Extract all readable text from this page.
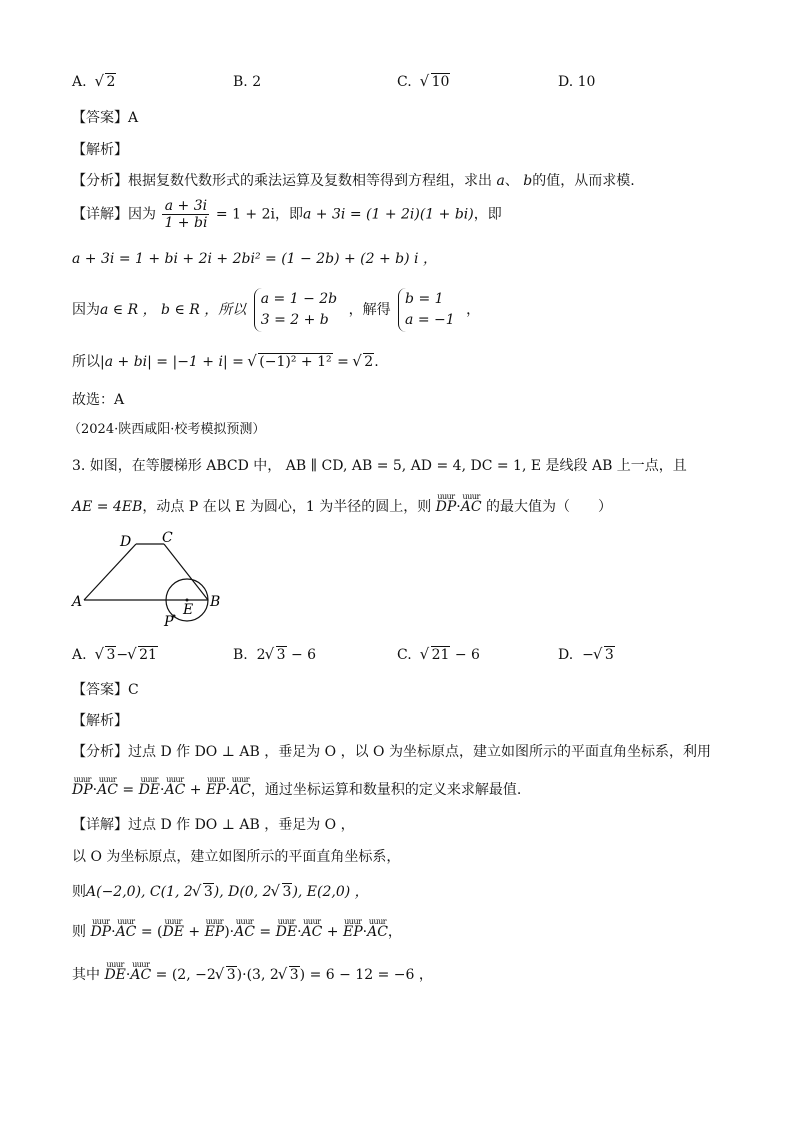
A. √ 2	B. 2	C. √ 10	D. 10
【答案】A
【解析】
【分析】根据复数代数形式的乘法运算及复数相等得到方程组，求出 a、 b的值，从而求模.
【详解】因为 $\frac{a + 3i}{1 + bi} = 1 + 2i$，即a + 3i = (1 + 2i)(1 + bi)，即
a + 3i = 1 + bi + 2i + 2bi² = (1 − 2b) + (2 + b) i ，
因为a ∈ R ， b ∈ R ，所以
a = 1 − 2b
3 = 2 + b
，解得
b = 1
a = −1
，
所以|a + bi| = |−1 + i| = √ (−1)² + 1² = √ 2.
故选：A
（2024·陕西咸阳·校考模拟预测）
3. 如图，在等腰梯形 ABCD 中， AB ∥ CD, AB = 5, AD = 4, DC = 1, E 是线段 AB 上一点，且
AE = 4EB，动点 P 在以 E 为圆心，1 为半径的圆上，则 uuur DP·uuur AC 的最大值为（　　）
A	B
C
D
E
P
A. √ 3− √ 21	B. 2 √ 3 − 6	C. √ 21 − 6	D. − √ 3
【答案】C
【解析】
【分析】过点 D 作 DO ⊥ AB ，垂足为 O ，以 O 为坐标原点，建立如图所示的平面直角坐标系，利用
uuur DP·uuur AC = uuur DE·uuur AC + uuur EP·uuur AC，通过坐标运算和数量积的定义来求解最值.
【详解】过点 D 作 DO ⊥ AB ，垂足为 O ，
以 O 为坐标原点，建立如图所示的平面直角坐标系，
则A(−2,0), C(1, 2 √ 3), D(0, 2 √ 3), E(2,0) ，
则 uuur DP·uuur AC = (uuur DE + uuur EP)·uuur AC = uuur DE·uuur AC + uuur EP·uuur AC，
其中 uuur DE·uuur AC = (2, −2 √ 3)·(3, 2 √ 3) = 6 − 12 = −6 ，
